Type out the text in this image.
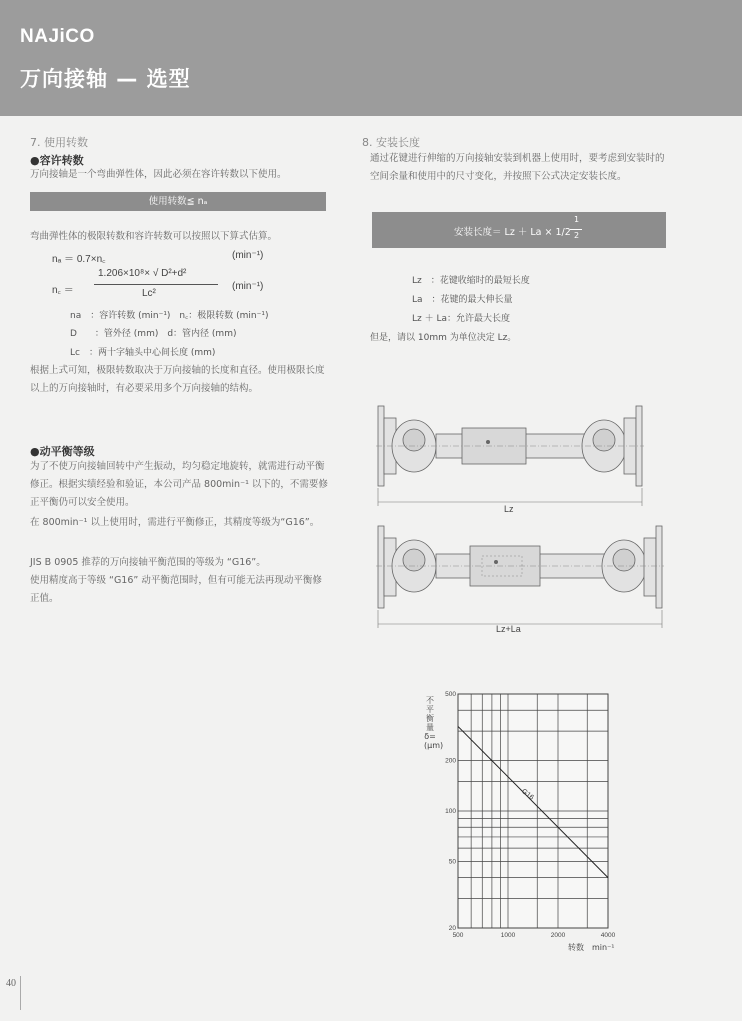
NAJiCO
万向接轴 — 选型
7. 使用转数
●容许转数
万向接轴是一个弯曲弹性体，因此必须在容许转数以下使用。
使用转数≦ nₐ
弯曲弹性体的极限转数和容许转数可以按照以下算式估算。
nₐ ＝ 0.7×n꜀	(min⁻¹)
n꜀ ＝
1.206×10⁸× √ D²+d²
Lc²
(min⁻¹)
na　：容许转数 (min⁻¹)　n꜀：极限转数 (min⁻¹)
D　　：管外径 (mm)　d：管内径 (mm)
Lc　：两十字轴头中心间长度 (mm)
根据上式可知，极限转数取决于万向接轴的长度和直径。使用极限长度以上的万向接轴时，有必要采用多个万向接轴的结构。
●动平衡等级
为了不使万向接轴回转中产生振动，均匀稳定地旋转，就需进行动平衡修正。根据实绩经验和验证，本公司产品 800min⁻¹ 以下的，不需要修正平衡仍可以安全使用。
在 800min⁻¹ 以上使用时，需进行平衡修正，其精度等级为“G16”。
JIS B 0905 推荐的万向接轴平衡范围的等级为 “G16”。
使用精度高于等级 “G16” 动平衡范围时，但有可能无法再现动平衡修正值。
8. 安装长度
通过花键进行伸缩的万向接轴安装到机器上使用时，要考虑到安装时的空间余量和使用中的尺寸变化，并按照下公式决定安装长度。
安装长度＝ Lz ＋ La × 1/2
1
2
Lz　：花键收缩时的最短长度
La　：花键的最大伸长量
Lz ＋ La：允许最大长度
但是，请以 10mm 为单位决定 Lz。
Lz
Lz+La
不平衡量 δ=(μm)
500	1000	2000	4000
500
200
100
50
20
G16
转数　min⁻¹
40
